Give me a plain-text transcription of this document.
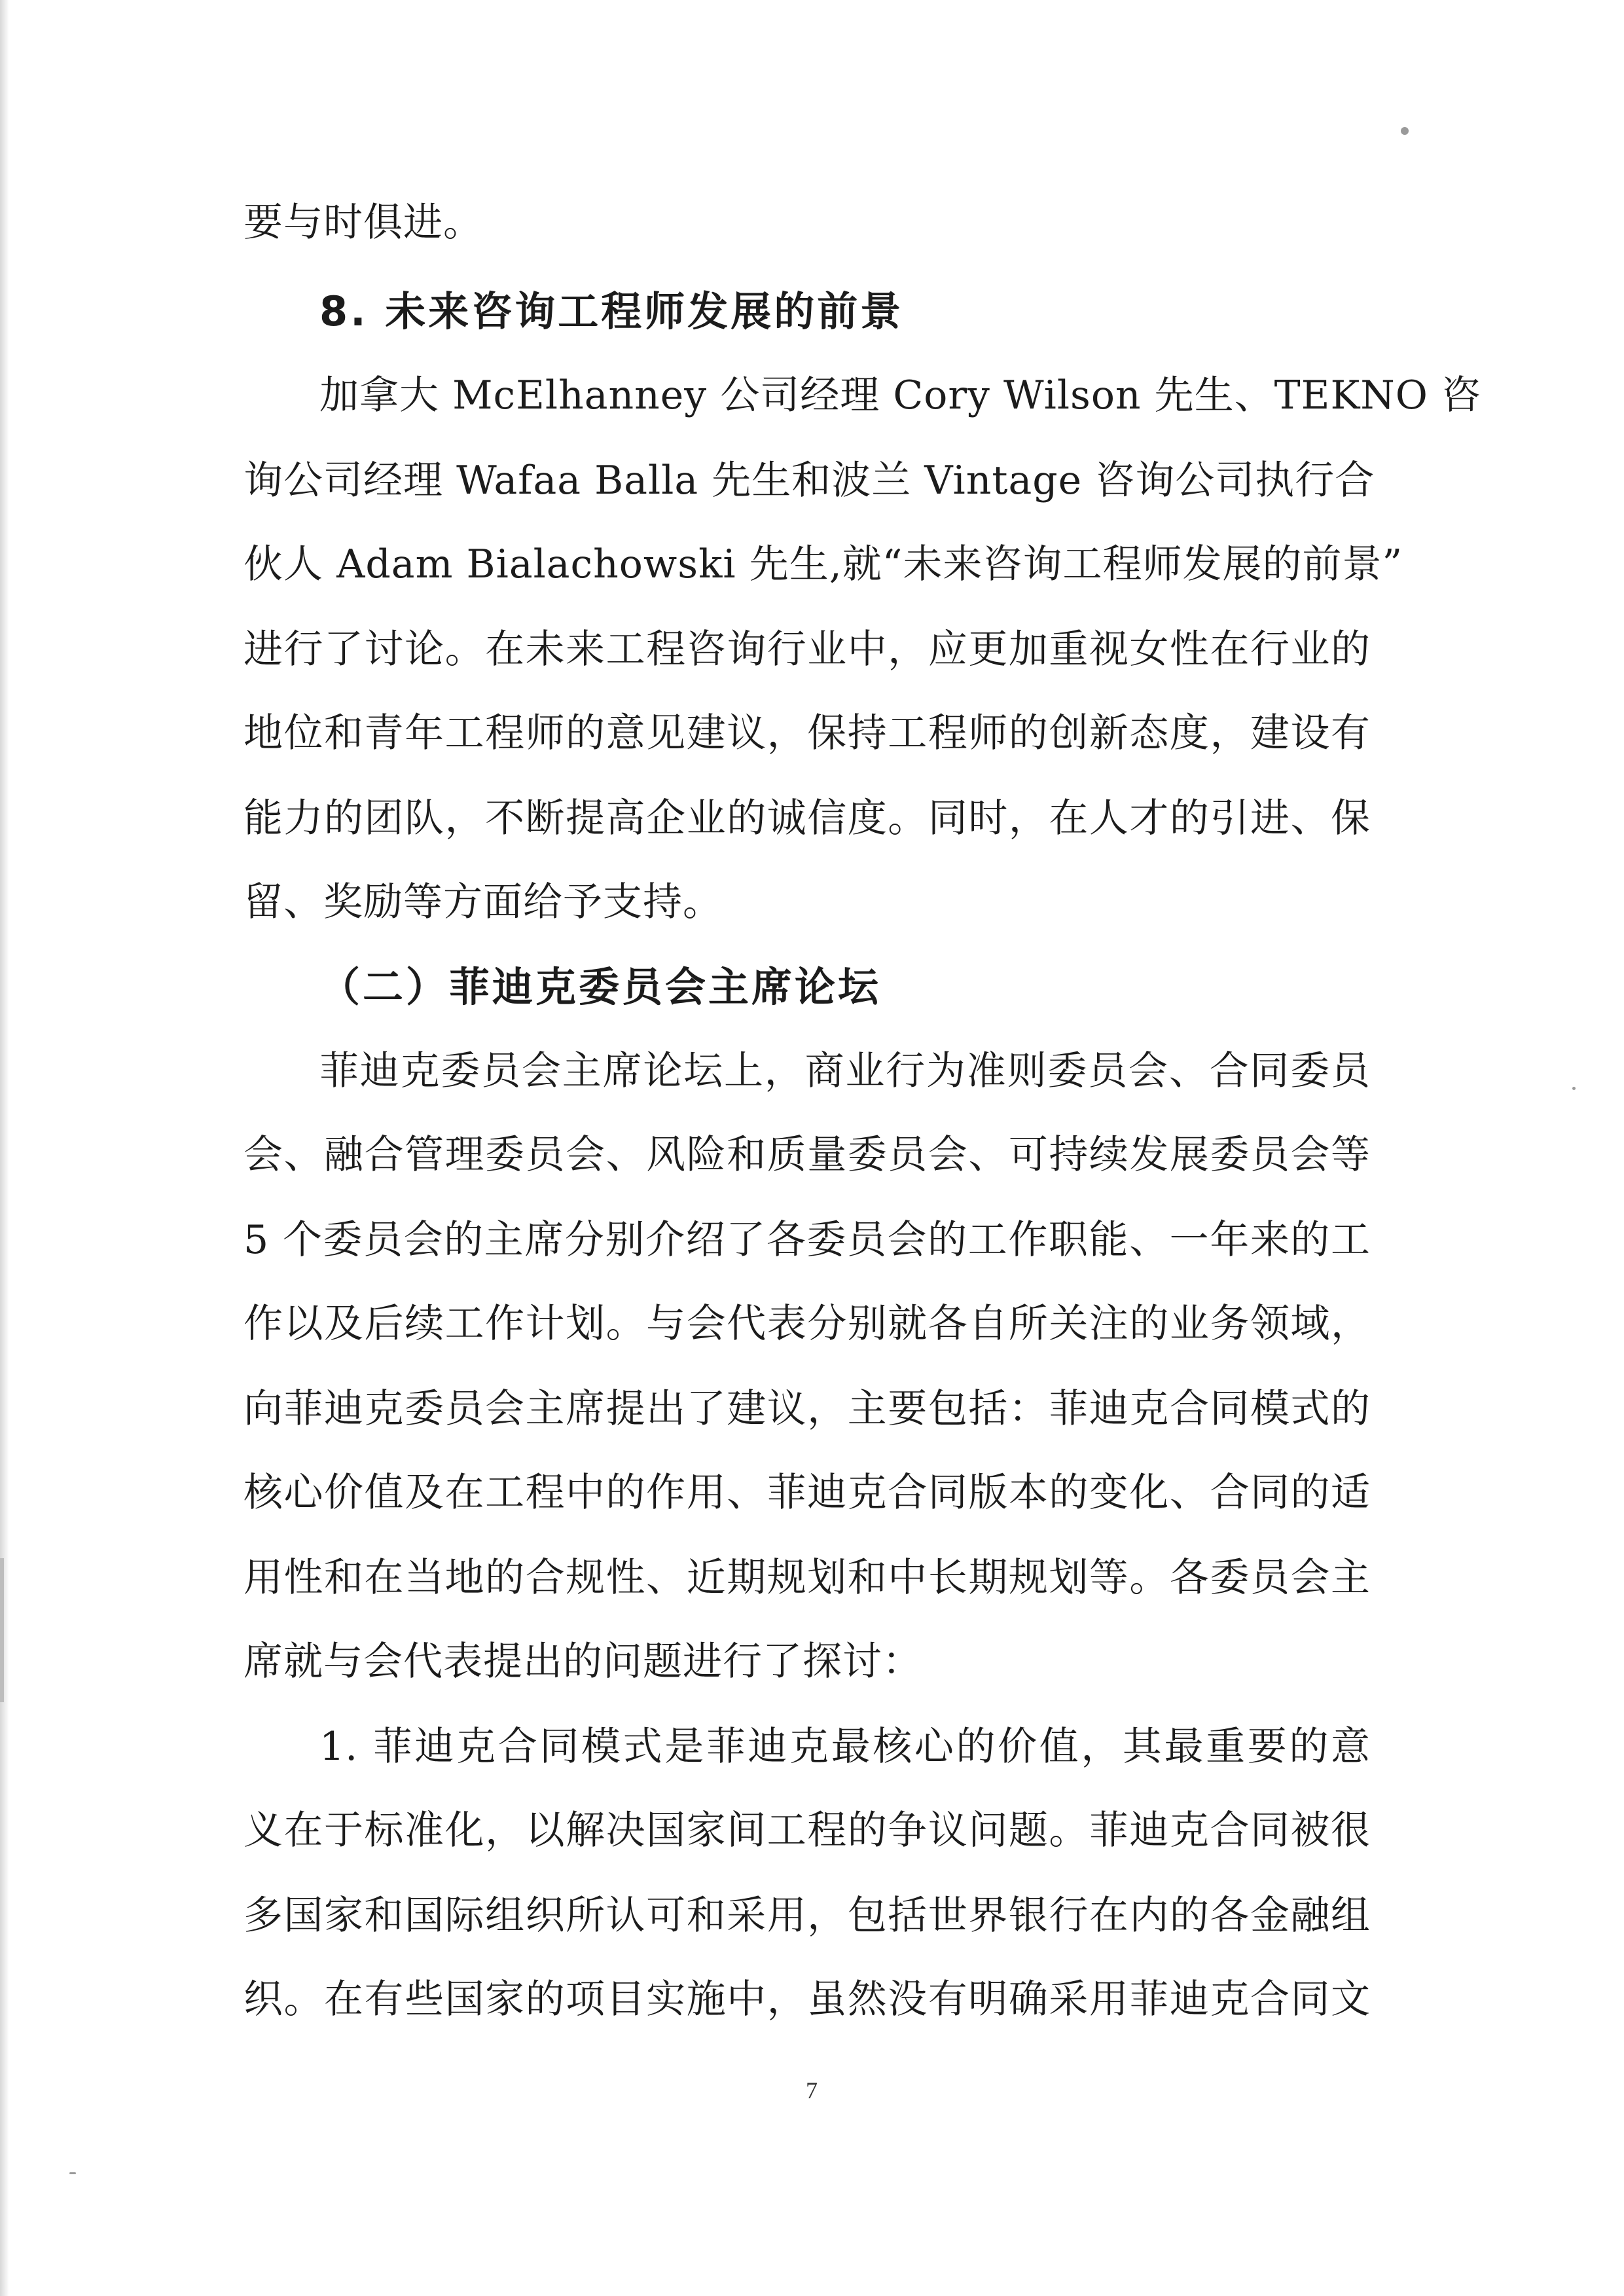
要与时俱进。
8. 未来咨询工程师发展的前景
加拿大 McElhanney 公司经理 Cory Wilson 先生、TEKNO 咨
询公司经理 Wafaa Balla 先生和波兰 Vintage 咨询公司执行合
伙人 Adam Bialachowski 先生,就“未来咨询工程师发展的前景”
进行了讨论。在未来工程咨询行业中，应更加重视女性在行业的
地位和青年工程师的意见建议，保持工程师的创新态度，建设有
能力的团队，不断提高企业的诚信度。同时，在人才的引进、保
留、奖励等方面给予支持。
（二）菲迪克委员会主席论坛
菲迪克委员会主席论坛上，商业行为准则委员会、合同委员
会、融合管理委员会、风险和质量委员会、可持续发展委员会等
5 个委员会的主席分别介绍了各委员会的工作职能、一年来的工
作以及后续工作计划。与会代表分别就各自所关注的业务领域，
向菲迪克委员会主席提出了建议，主要包括：菲迪克合同模式的
核心价值及在工程中的作用、菲迪克合同版本的变化、合同的适
用性和在当地的合规性、近期规划和中长期规划等。各委员会主
席就与会代表提出的问题进行了探讨：
1. 菲迪克合同模式是菲迪克最核心的价值，其最重要的意
义在于标准化，以解决国家间工程的争议问题。菲迪克合同被很
多国家和国际组织所认可和采用，包括世界银行在内的各金融组
织。在有些国家的项目实施中，虽然没有明确采用菲迪克合同文
7
